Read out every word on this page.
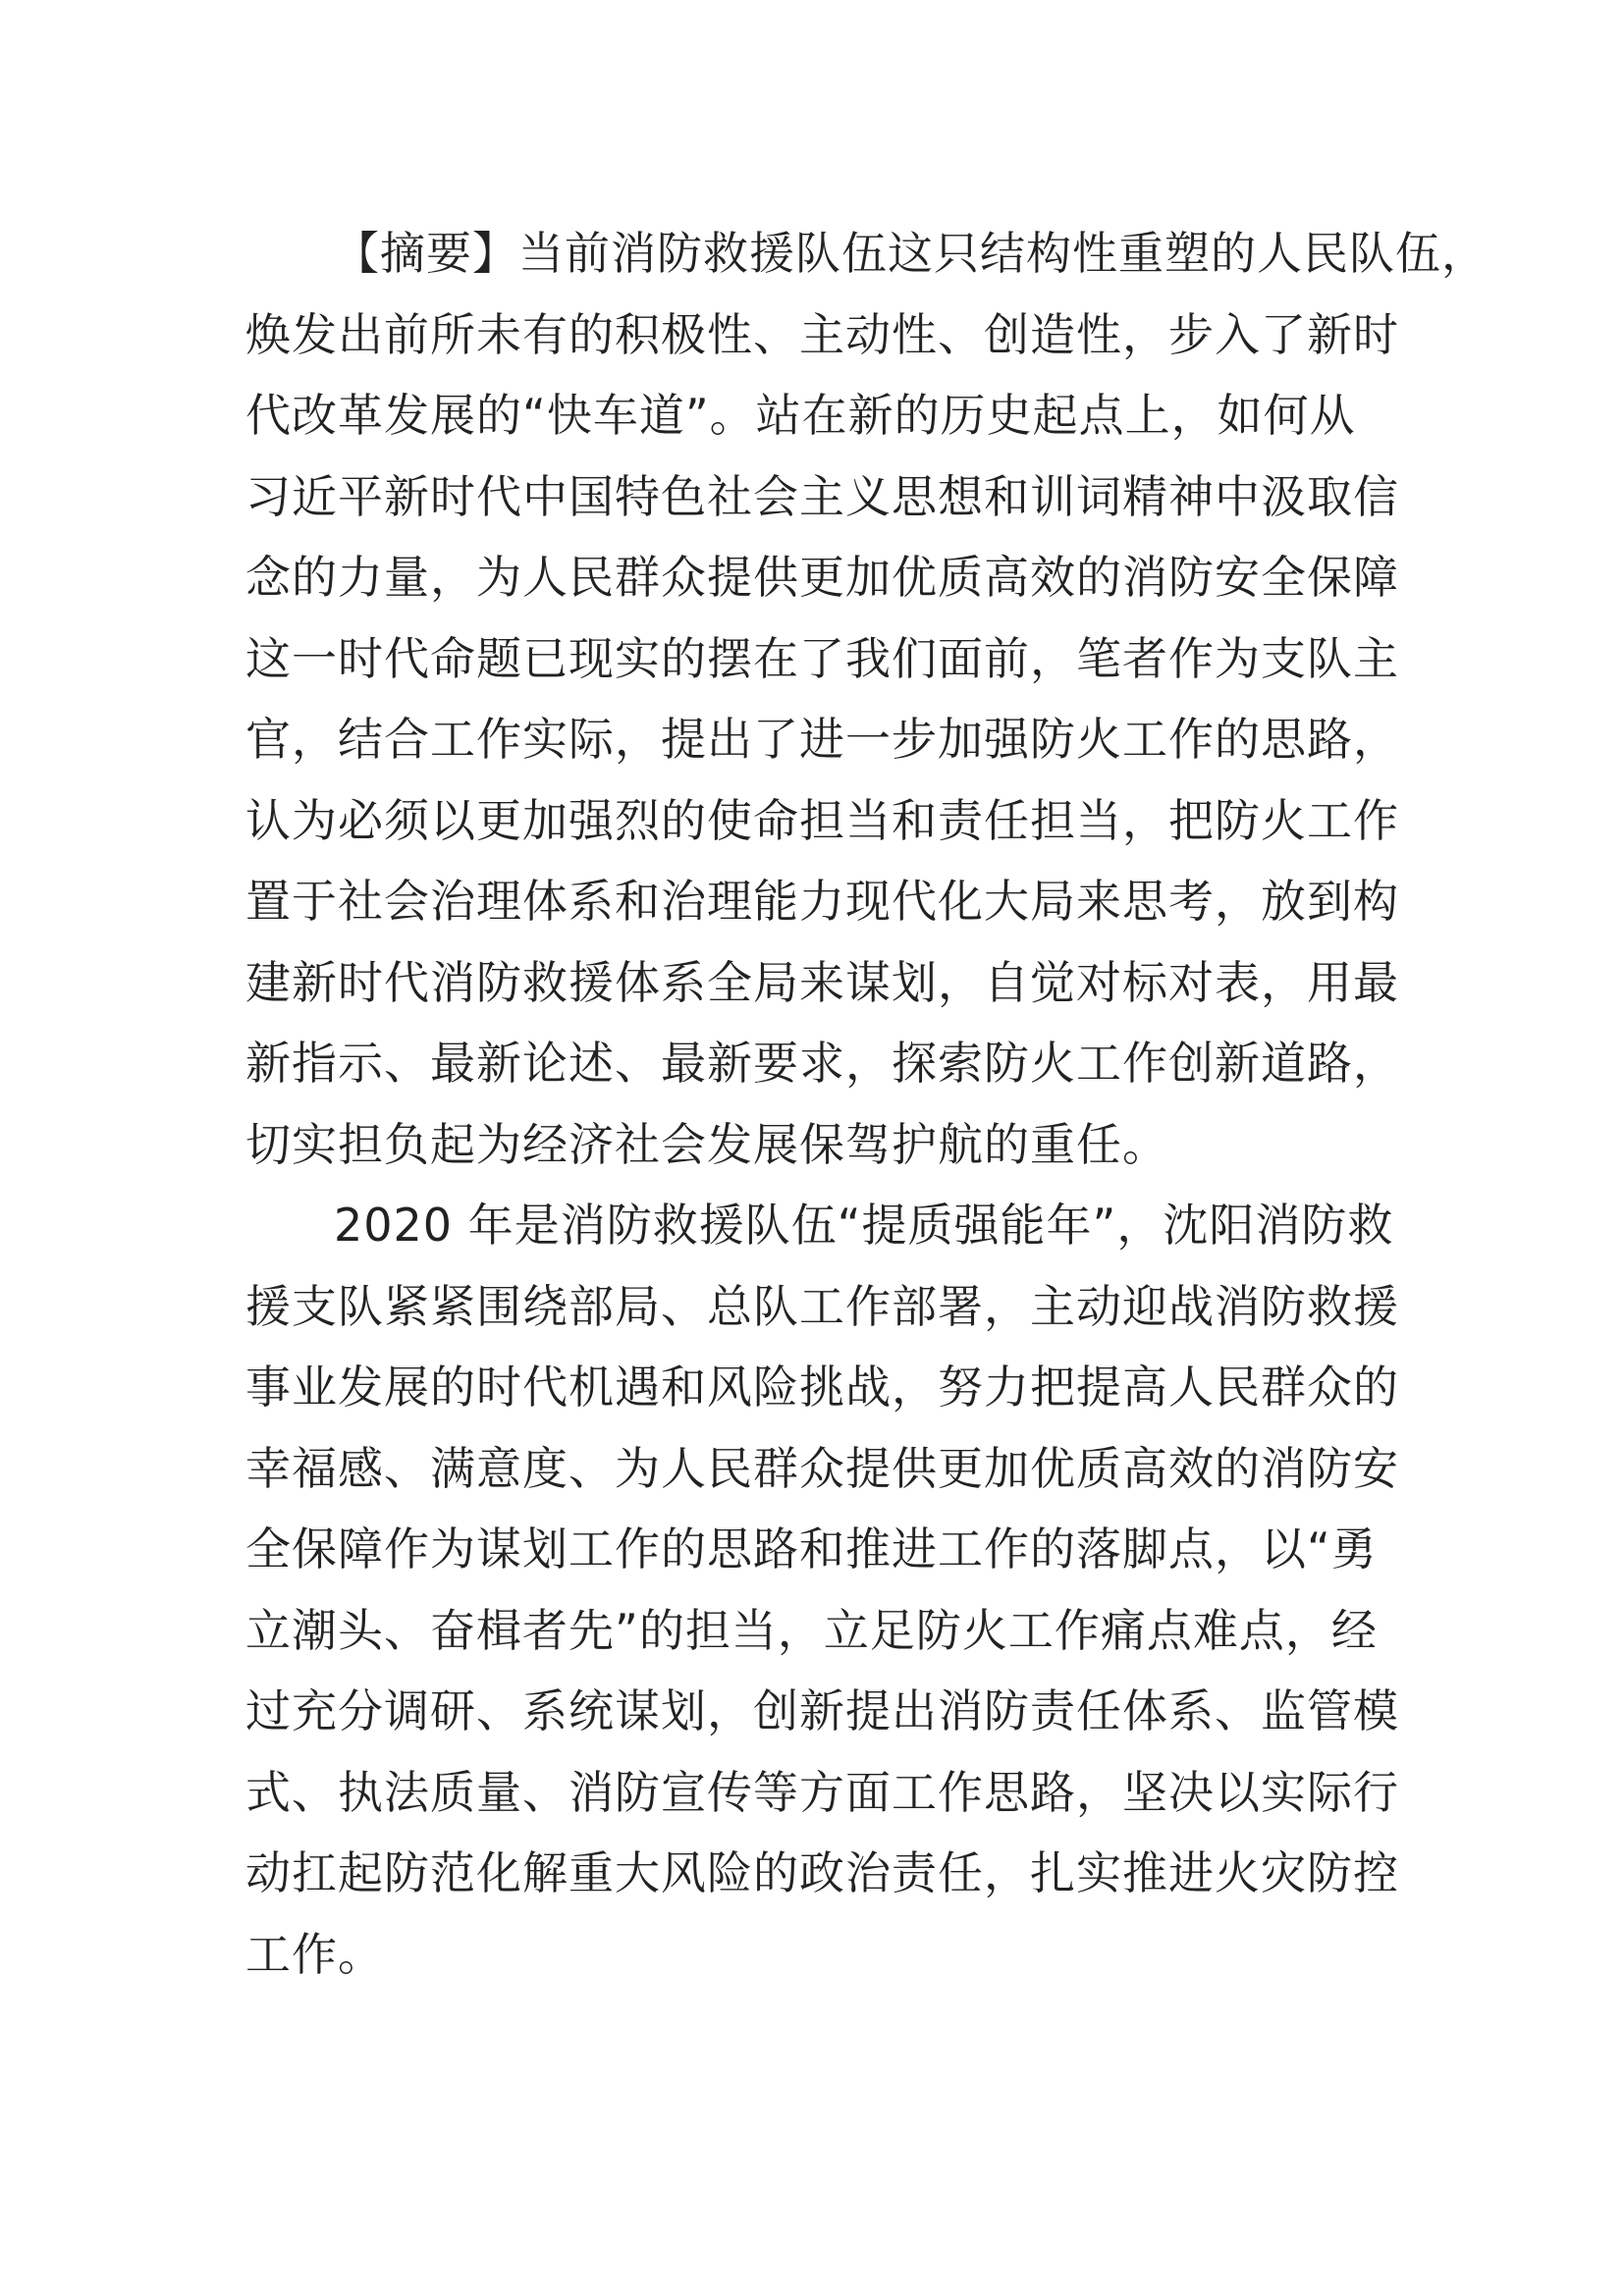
【摘要】当前消防救援队伍这只结构性重塑的人民队伍，
焕发出前所未有的积极性、主动性、创造性，步入了新时
代改革发展的“快车道”。站在新的历史起点上，如何从
习近平新时代中国特色社会主义思想和训词精神中汲取信
念的力量，为人民群众提供更加优质高效的消防安全保障
这一时代命题已现实的摆在了我们面前，笔者作为支队主
官，结合工作实际，提出了进一步加强防火工作的思路，
认为必须以更加强烈的使命担当和责任担当，把防火工作
置于社会治理体系和治理能力现代化大局来思考，放到构
建新时代消防救援体系全局来谋划，自觉对标对表，用最
新指示、最新论述、最新要求，探索防火工作创新道路，
切实担负起为经济社会发展保驾护航的重任。
2020 年是消防救援队伍“提质强能年”，沈阳消防救
援支队紧紧围绕部局、总队工作部署，主动迎战消防救援
事业发展的时代机遇和风险挑战，努力把提高人民群众的
幸福感、满意度、为人民群众提供更加优质高效的消防安
全保障作为谋划工作的思路和推进工作的落脚点，以“勇
立潮头、奋楫者先”的担当，立足防火工作痛点难点，经
过充分调研、系统谋划，创新提出消防责任体系、监管模
式、执法质量、消防宣传等方面工作思路，坚决以实际行
动扛起防范化解重大风险的政治责任，扎实推进火灾防控
工作。
